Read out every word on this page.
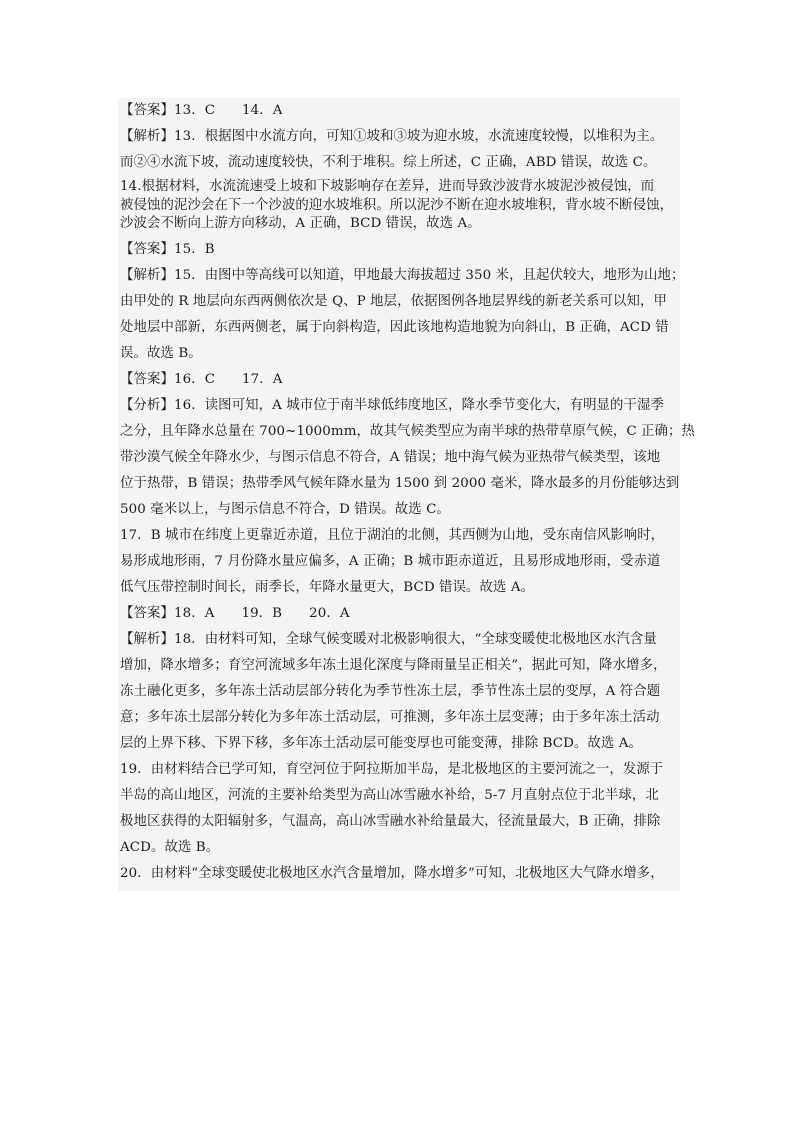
【答案】13．C　　14．A

【解析】13．根据图中水流方向，可知①坡和③坡为迎水坡，水流速度较慢，以堆积为主。

而②④水流下坡，流动速度较快，不利于堆积。综上所述，C 正确，ABD 错误，故选 C。

14.根据材料，水流流速受上坡和下坡影响存在差异，进而导致沙波背水坡泥沙被侵蚀，而

被侵蚀的泥沙会在下一个沙波的迎水坡堆积。所以泥沙不断在迎水坡堆积，背水坡不断侵蚀，

沙波会不断向上游方向移动，A 正确，BCD 错误，故选 A。

【答案】15．B

【解析】15．由图中等高线可以知道，甲地最大海拔超过 350 米，且起伏较大，地形为山地；

由甲处的 R 地层向东西两侧依次是 Q、P 地层，依据图例各地层界线的新老关系可以知，甲

处地层中部新，东西两侧老，属于向斜构造，因此该地构造地貌为向斜山，B 正确，ACD 错

误。故选 B。

【答案】16．C　　17．A

【分析】16．读图可知，A 城市位于南半球低纬度地区，降水季节变化大，有明显的干湿季

之分，且年降水总量在 700~1000mm，故其气候类型应为南半球的热带草原气候，C 正确；热

带沙漠气候全年降水少，与图示信息不符合，A 错误；地中海气候为亚热带气候类型，该地

位于热带，B 错误；热带季风气候年降水量为 1500 到 2000 毫米，降水最多的月份能够达到

500 毫米以上，与图示信息不符合，D 错误。故选 C。

17．B 城市在纬度上更靠近赤道，且位于湖泊的北侧，其西侧为山地，受东南信风影响时，

易形成地形雨，7 月份降水量应偏多，A 正确；B 城市距赤道近，且易形成地形雨，受赤道

低气压带控制时间长，雨季长，年降水量更大，BCD 错误。故选 A。

【答案】18．A　　19．B　　20．A

【解析】18．由材料可知，全球气候变暖对北极影响很大，“全球变暖使北极地区水汽含量

增加，降水增多；育空河流域多年冻土退化深度与降雨量呈正相关”，据此可知，降水增多，

冻土融化更多，多年冻土活动层部分转化为季节性冻土层，季节性冻土层的变厚，A 符合题

意；多年冻土层部分转化为多年冻土活动层，可推测，多年冻土层变薄；由于多年冻土活动

层的上界下移、下界下移，多年冻土活动层可能变厚也可能变薄，排除 BCD。故选 A。

19．由材料结合已学可知，育空河位于阿拉斯加半岛，是北极地区的主要河流之一，发源于

半岛的高山地区，河流的主要补给类型为高山冰雪融水补给，5-7 月直射点位于北半球，北

极地区获得的太阳辐射多，气温高，高山冰雪融水补给量最大，径流量最大，B 正确，排除

ACD。故选 B。

20．由材料“全球变暖使北极地区水汽含量增加，降水增多”可知，北极地区大气降水增多，
